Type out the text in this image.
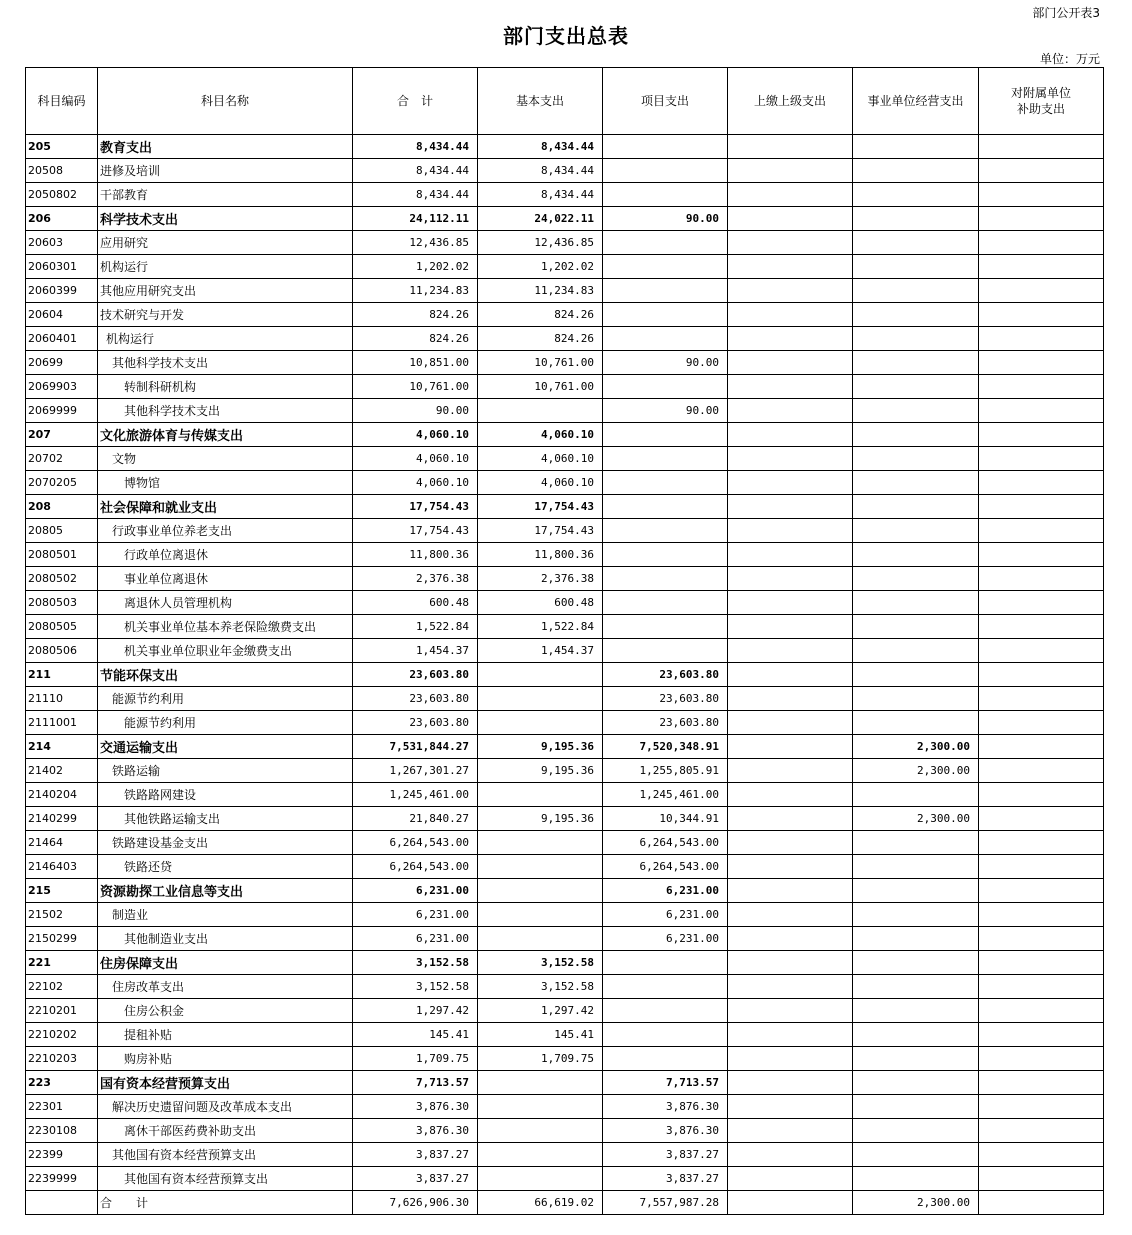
部门公开表3
部门支出总表
单位：万元
科目编码	科目名称	合　计	基本支出	项目支出	上缴上级支出	事业单位经营支出	对附属单位
补助支出
205	教育支出	8,434.44	8,434.44				
20508	进修及培训	8,434.44	8,434.44				
2050802	干部教育	8,434.44	8,434.44				
206	科学技术支出	24,112.11	24,022.11	90.00			
20603	应用研究	12,436.85	12,436.85				
2060301	机构运行	1,202.02	1,202.02				
2060399	其他应用研究支出	11,234.83	11,234.83				
20604	技术研究与开发	824.26	824.26				
2060401	机构运行	824.26	824.26				
20699	其他科学技术支出	10,851.00	10,761.00	90.00			
2069903	转制科研机构	10,761.00	10,761.00				
2069999	其他科学技术支出	90.00		90.00			
207	文化旅游体育与传媒支出	4,060.10	4,060.10				
20702	文物	4,060.10	4,060.10				
2070205	博物馆	4,060.10	4,060.10				
208	社会保障和就业支出	17,754.43	17,754.43				
20805	行政事业单位养老支出	17,754.43	17,754.43				
2080501	行政单位离退休	11,800.36	11,800.36				
2080502	事业单位离退休	2,376.38	2,376.38				
2080503	离退休人员管理机构	600.48	600.48				
2080505	机关事业单位基本养老保险缴费支出	1,522.84	1,522.84				
2080506	机关事业单位职业年金缴费支出	1,454.37	1,454.37				
211	节能环保支出	23,603.80		23,603.80			
21110	能源节约利用	23,603.80		23,603.80			
2111001	能源节约利用	23,603.80		23,603.80			
214	交通运输支出	7,531,844.27	9,195.36	7,520,348.91		2,300.00	
21402	铁路运输	1,267,301.27	9,195.36	1,255,805.91		2,300.00	
2140204	铁路路网建设	1,245,461.00		1,245,461.00			
2140299	其他铁路运输支出	21,840.27	9,195.36	10,344.91		2,300.00	
21464	铁路建设基金支出	6,264,543.00		6,264,543.00			
2146403	铁路还贷	6,264,543.00		6,264,543.00			
215	资源勘探工业信息等支出	6,231.00		6,231.00			
21502	制造业	6,231.00		6,231.00			
2150299	其他制造业支出	6,231.00		6,231.00			
221	住房保障支出	3,152.58	3,152.58				
22102	住房改革支出	3,152.58	3,152.58				
2210201	住房公积金	1,297.42	1,297.42				
2210202	提租补贴	145.41	145.41				
2210203	购房补贴	1,709.75	1,709.75				
223	国有资本经营预算支出	7,713.57		7,713.57			
22301	解决历史遗留问题及改革成本支出	3,876.30		3,876.30			
2230108	离休干部医药费补助支出	3,876.30		3,876.30			
22399	其他国有资本经营预算支出	3,837.27		3,837.27			
2239999	其他国有资本经营预算支出	3,837.27		3,837.27			
	合　　计	7,626,906.30	66,619.02	7,557,987.28		2,300.00	
